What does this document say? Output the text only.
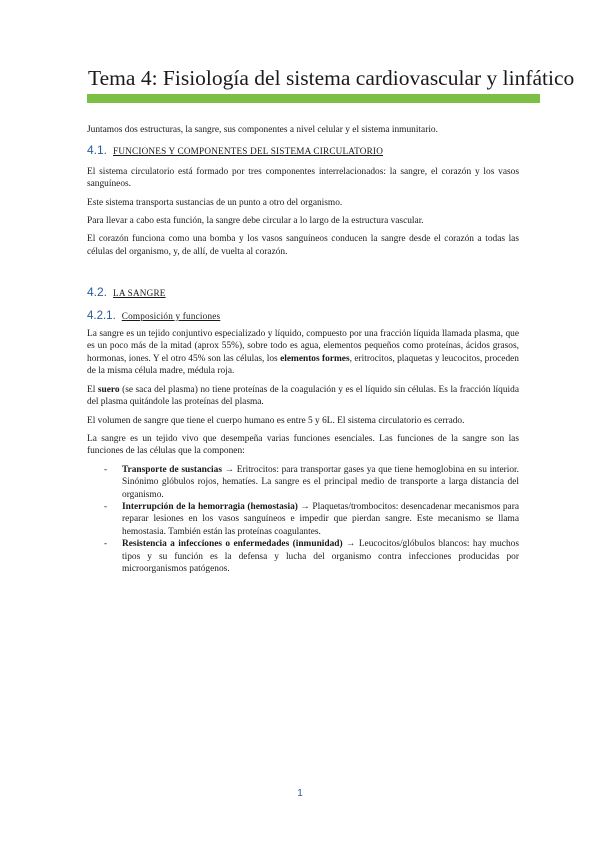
Tema 4: Fisiología del sistema cardiovascular y linfático

Juntamos dos estructuras, la sangre, sus componentes a nivel celular y el sistema inmunitario.

4.1. FUNCIONES Y COMPONENTES DEL SISTEMA CIRCULATORIO

El sistema circulatorio está formado por tres componentes interrelacionados: la sangre, el corazón y los vasos sanguíneos.

Este sistema transporta sustancias de un punto a otro del organismo.

Para llevar a cabo esta función, la sangre debe circular a lo largo de la estructura vascular.

El corazón funciona como una bomba y los vasos sanguíneos conducen la sangre desde el corazón a todas las células del organismo, y, de allí, de vuelta al corazón.

4.2. LA SANGRE
4.2.1. Composición y funciones

La sangre es un tejido conjuntivo especializado y líquido, compuesto por una fracción líquida llamada plasma, que es un poco más de la mitad (aprox 55%), sobre todo es agua, elementos pequeños como proteínas, ácidos grasos, hormonas, iones. Y el otro 45% son las células, los elementos formes, eritrocitos, plaquetas y leucocitos, proceden de la misma célula madre, médula roja.

El suero (se saca del plasma) no tiene proteínas de la coagulación y es el líquido sin células. Es la fracción líquida del plasma quitándole las proteínas del plasma.

El volumen de sangre que tiene el cuerpo humano es entre 5 y 6L. El sistema circulatorio es cerrado.

La sangre es un tejido vivo que desempeña varias funciones esenciales. Las funciones de la sangre son las funciones de las células que la componen:

- Transporte de sustancias → Eritrocitos: para transportar gases ya que tiene hemoglobina en su interior. Sinónimo glóbulos rojos, hematíes. La sangre es el principal medio de transporte a larga distancia del organismo.
- Interrupción de la hemorragia (hemostasia) → Plaquetas/trombocitos: desencadenar mecanismos para reparar lesiones en los vasos sanguíneos e impedir que pierdan sangre. Este mecanismo se llama hemostasia. También están las proteínas coagulantes.
- Resistencia a infecciones o enfermedades (inmunidad) → Leucocitos/glóbulos blancos: hay muchos tipos y su función es la defensa y lucha del organismo contra infecciones producidas por microorganismos patógenos.
1
